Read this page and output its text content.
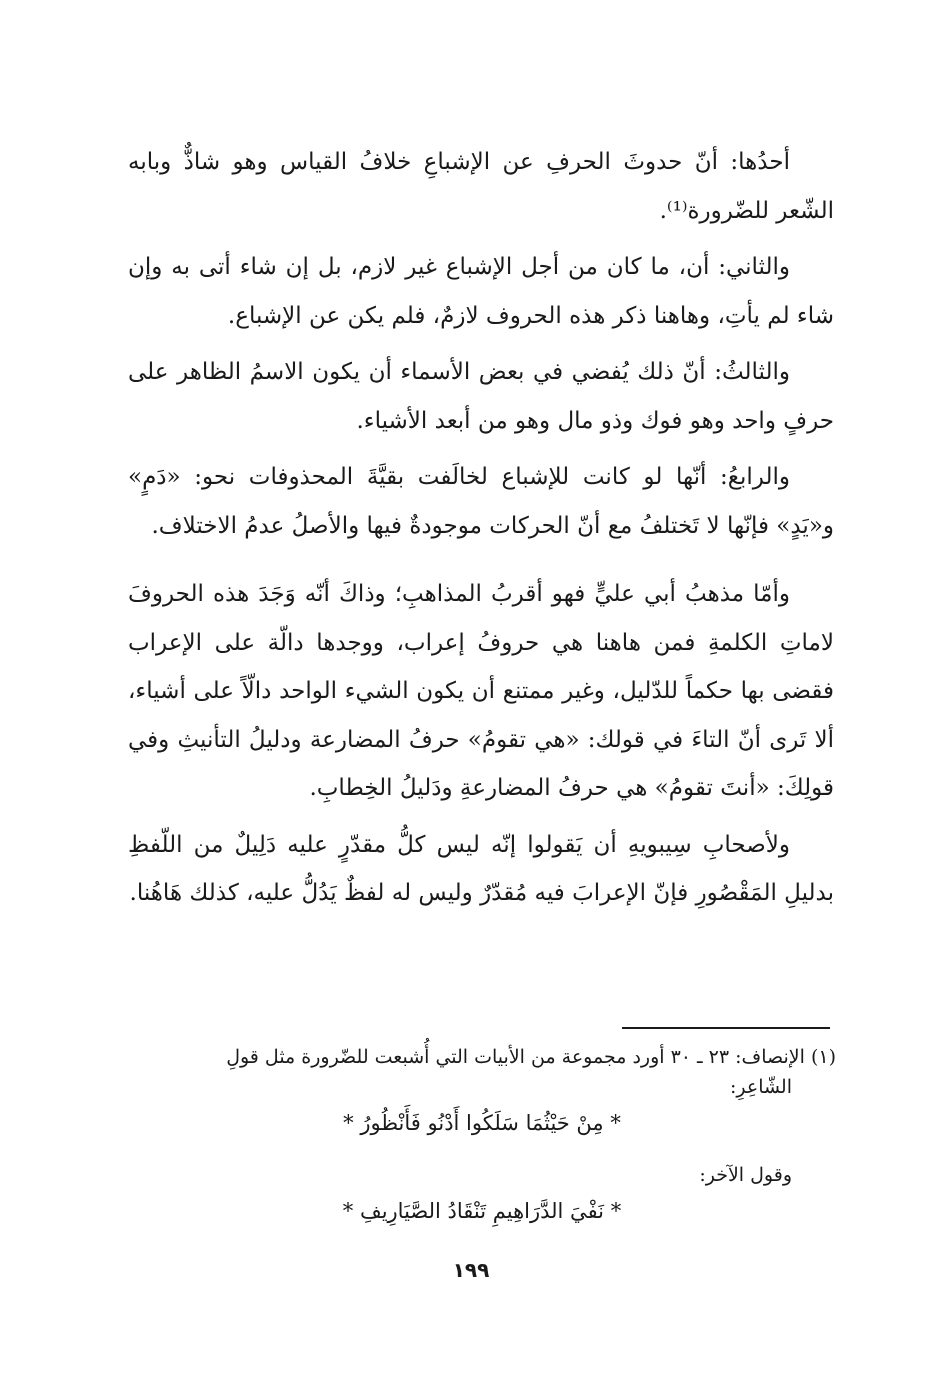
أحدُها: أنّ حدوثَ الحرفِ عن الإشباعِ خلافُ القياس وهو شاذٌّ وبابه الشّعر للضّرورة⁽¹⁾.

والثاني: أن، ما كان من أجل الإشباع غير لازم، بل إن شاء أتى به وإن شاء لم يأتِ، وهاهنا ذكر هذه الحروف لازمٌ، فلم يكن عن الإشباع.

والثالثُ: أنّ ذلك يُفضي في بعض الأسماء أن يكون الاسمُ الظاهر على حرفٍ واحد وهو فوك وذو مال وهو من أبعد الأشياء.

والرابعُ: أنّها لو كانت للإشباع لخالَفت بقيَّةَ المحذوفات نحو: «دَمٍ» و«يَدٍ» فإنّها لا تَختلفُ مع أنّ الحركات موجودةٌ فيها والأصلُ عدمُ الاختلاف.

وأمّا مذهبُ أبي عليٍّ فهو أقربُ المذاهبِ؛ وذاكَ أنّه وَجَدَ هذه الحروفَ لاماتِ الكلمةِ فمن هاهنا هي حروفُ إعراب، ووجدها دالّة على الإعراب فقضى بها حكماً للدّليل، وغير ممتنع أن يكون الشيء الواحد دالّاً على أشياء، ألا تَرى أنّ التاءَ في قولك: «هي تقومُ» حرفُ المضارعة ودليلُ التأنيثِ وفي قولِكَ: «أنتَ تقومُ» هي حرفُ المضارعةِ ودَليلُ الخِطابِ.

ولأصحابِ سِيبويهِ أن يَقولوا إنّه ليس كلُّ مقدّرٍ عليه دَلِيلٌ من اللّفظِ بدليلِ المَقْصُورِ فإنّ الإعرابَ فيه مُقدّرٌ وليس له لفظٌ يَدُلُّ عليه، كذلك هَاهُنا.

(١) الإنصاف: ٢٣ ـ ٣٠ أورد مجموعة من الأبيات التي أُشبعت للضّرورة مثل قولِ

الشّاعِرِ:

* مِنْ حَيْثُمَا سَلَكُوا أَدْنُو فَأَنْظُورُ *

وقول الآخر:

* نَفْيَ الدَّرَاهِيمِ تَنْقَادُ الصَّيَارِيفِ *

١٩٩
